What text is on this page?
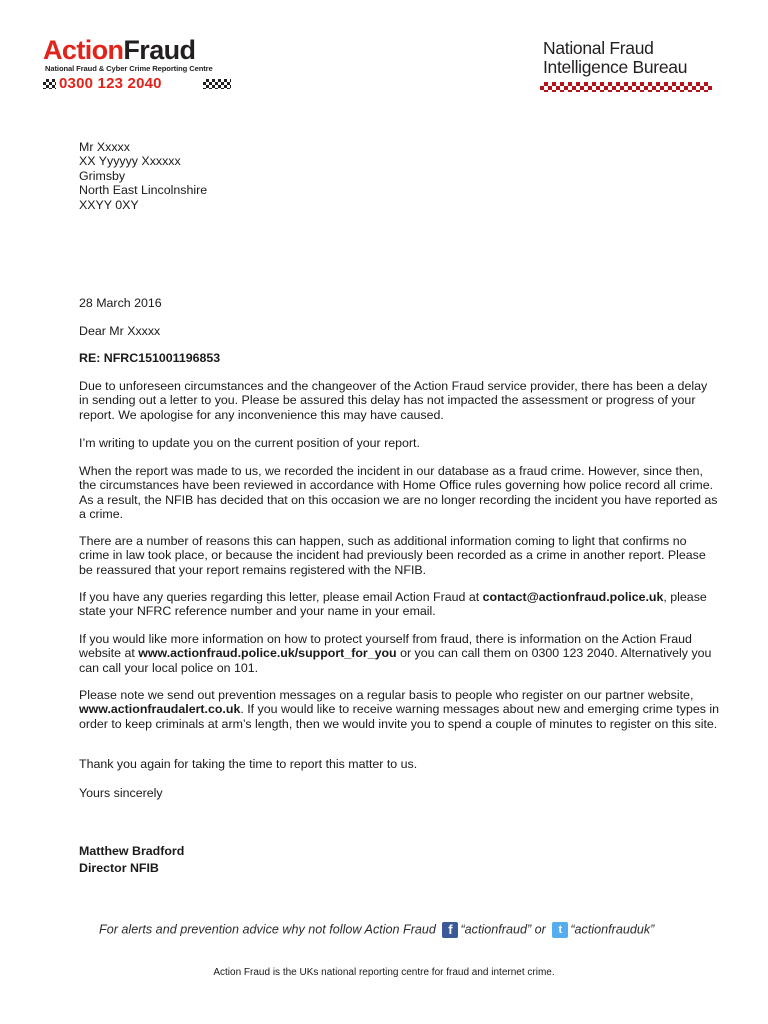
ActionFraud
National Fraud & Cyber Crime Reporting Centre
0300 123 2040
National Fraud
Intelligence Bureau
Mr Xxxxx
XX Yyyyyy Xxxxxx
Grimsby
North East Lincolnshire
XXYY 0XY
28 March 2016
Dear Mr Xxxxx
RE: NFRC151001196853
Due to unforeseen circumstances and the changeover of the Action Fraud service provider, there has been a delay in sending out a letter to you. Please be assured this delay has not impacted the assessment or progress of your report. We apologise for any inconvenience this may have caused.
I’m writing to update you on the current position of your report.
When the report was made to us, we recorded the incident in our database as a fraud crime. However, since then, the circumstances have been reviewed in accordance with Home Office rules governing how police record all crime. As a result, the NFIB has decided that on this occasion we are no longer recording the incident you have reported as a crime.
There are a number of reasons this can happen, such as additional information coming to light that confirms no crime in law took place, or because the incident had previously been recorded as a crime in another report. Please be reassured that your report remains registered with the NFIB.
If you have any queries regarding this letter, please email Action Fraud at contact@actionfraud.police.uk, please state your NFRC reference number and your name in your email.
If you would like more information on how to protect yourself from fraud, there is information on the Action Fraud website at www.actionfraud.police.uk/support_for_you or you can call them on 0300 123 2040. Alternatively you can call your local police on 101.
Please note we send out prevention messages on a regular basis to people who register on our partner website, www.actionfraudalert.co.uk. If you would like to receive warning messages about new and emerging crime types in order to keep criminals at arm’s length, then we would invite you to spend a couple of minutes to register on this site.
Thank you again for taking the time to report this matter to us.
Yours sincerely
Matthew Bradford
Director NFIB
For alerts and prevention advice why not follow Action Fraud f “actionfraud” or t “actionfrauduk”
Action Fraud is the UKs national reporting centre for fraud and internet crime.
